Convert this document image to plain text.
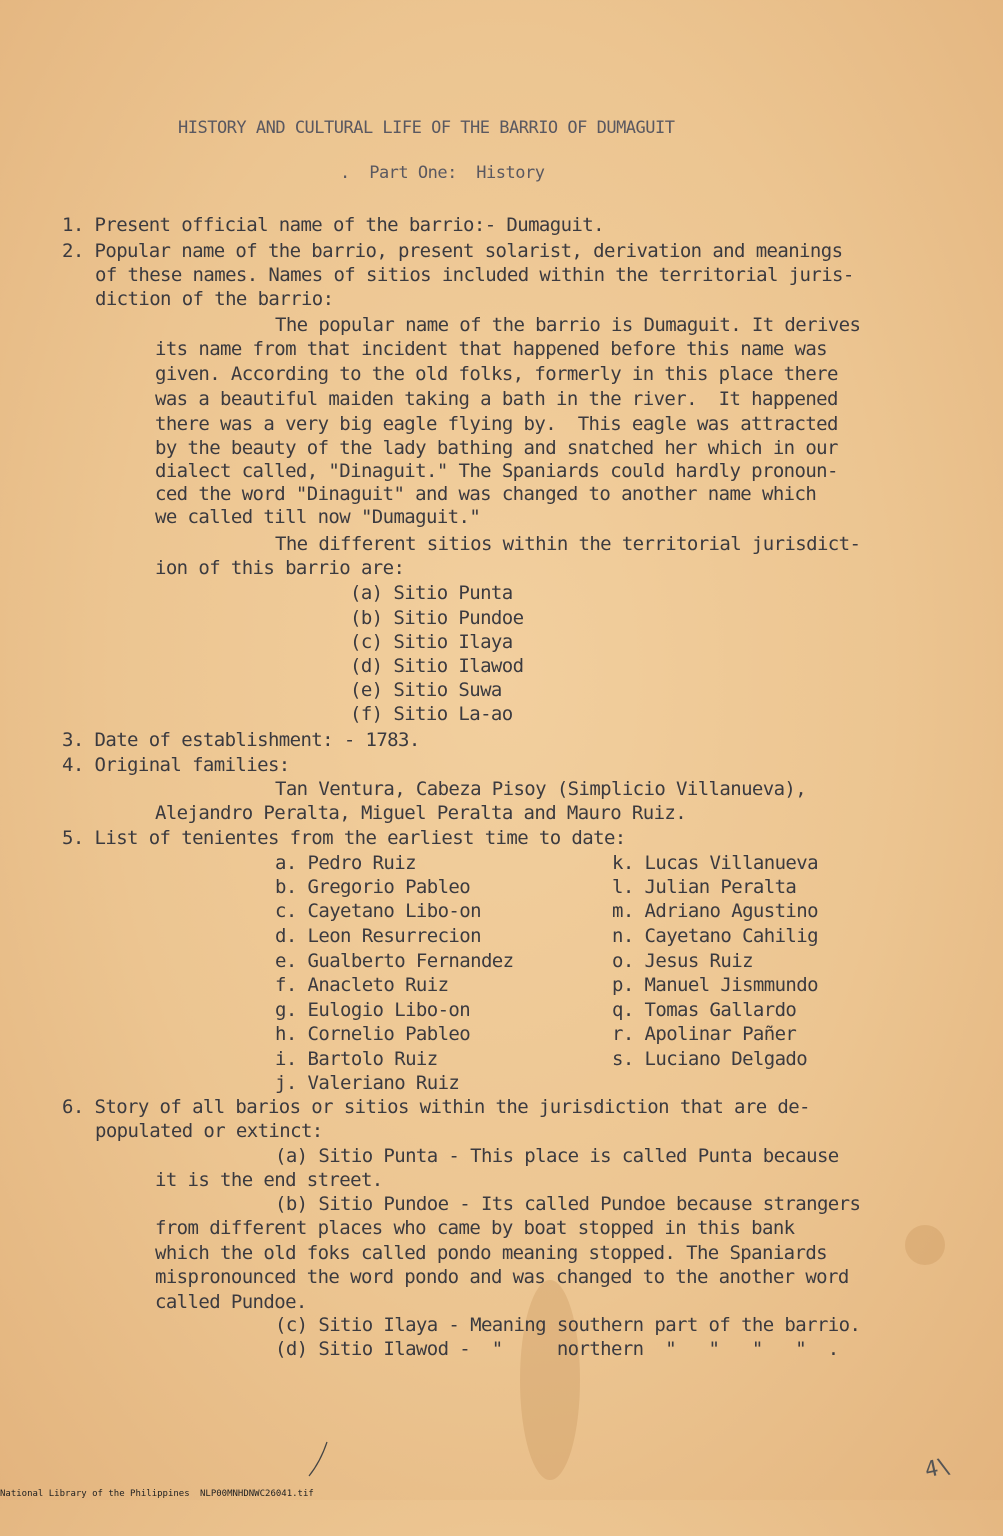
HISTORY AND CULTURAL LIFE OF THE BARRIO OF DUMAGUIT
.  Part One:  History
1. Present official name of the barrio:- Dumaguit.
2. Popular name of the barrio, present solarist, derivation and meanings
of these names. Names of sitios included within the territorial juris-
diction of the barrio:
The popular name of the barrio is Dumaguit. It derives
its name from that incident that happened before this name was
given. According to the old folks, formerly in this place there
was a beautiful maiden taking a bath in the river.  It happened
there was a very big eagle flying by.  This eagle was attracted
by the beauty of the lady bathing and snatched her which in our
dialect called, "Dinaguit." The Spaniards could hardly pronoun-
ced the word "Dinaguit" and was changed to another name which
we called till now "Dumaguit."
The different sitios within the territorial jurisdict-
ion of this barrio are:
(a) Sitio Punta
(b) Sitio Pundoe
(c) Sitio Ilaya
(d) Sitio Ilawod
(e) Sitio Suwa
(f) Sitio La-ao
3. Date of establishment: - 1783.
4. Original families:
Tan Ventura, Cabeza Pisoy (Simplicio Villanueva),
Alejandro Peralta, Miguel Peralta and Mauro Ruiz.
5. List of tenientes from the earliest time to date:
a. Pedro Ruiz
b. Gregorio Pableo
c. Cayetano Libo-on
d. Leon Resurrecion
e. Gualberto Fernandez
f. Anacleto Ruiz
g. Eulogio Libo-on
h. Cornelio Pableo
i. Bartolo Ruiz
j. Valeriano Ruiz
k. Lucas Villanueva
l. Julian Peralta
m. Adriano Agustino
n. Cayetano Cahilig
o. Jesus Ruiz
p. Manuel Jismmundo
q. Tomas Gallardo
r. Apolinar Pañer
s. Luciano Delgado
6. Story of all barios or sitios within the jurisdiction that are de-
populated or extinct:
(a) Sitio Punta - This place is called Punta because
it is the end street.
(b) Sitio Pundoe - Its called Pundoe because strangers
from different places who came by boat stopped in this bank
which the old foks called pondo meaning stopped. The Spaniards
mispronounced the word pondo and was changed to the another word
called Pundoe.
(c) Sitio Ilaya - Meaning southern part of the barrio.
(d) Sitio Ilawod -  "     northern  "   "   "   "  .
4\

National Library of the Philippines

NLP00MNHDNWC26041.tif
